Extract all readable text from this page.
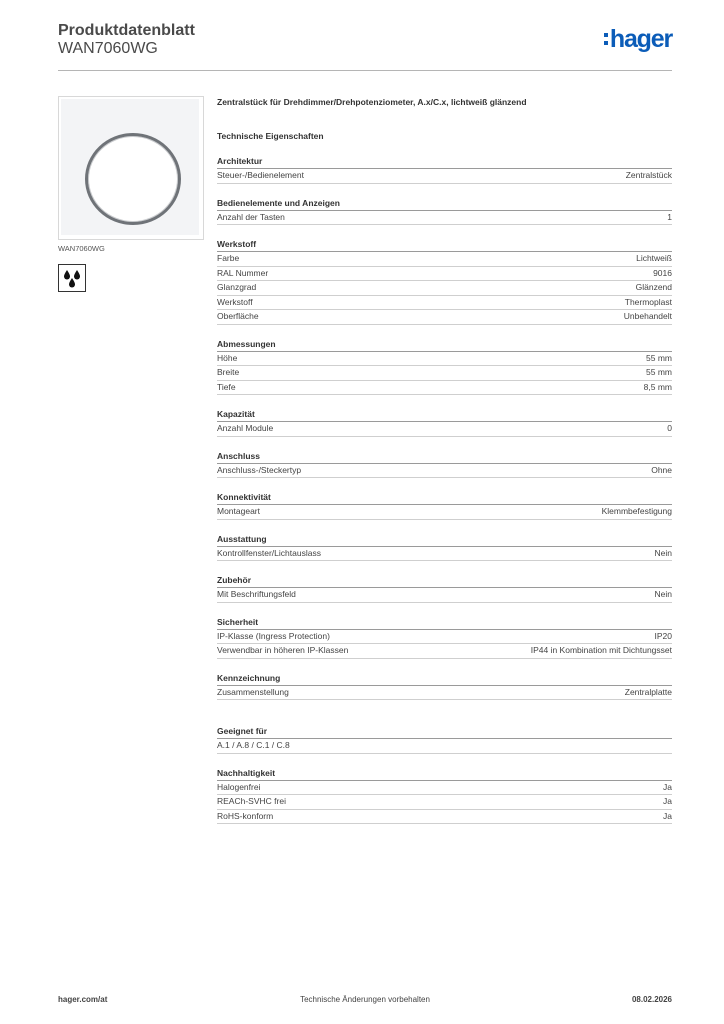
Produktdatenblatt
WAN7060WG	hager
WAN7060WG

Zentralstück für Drehdimmer/Drehpotenziometer, A.x/C.x, lichtweiß glänzend

Technische Eigenschaften
Architektur
Steuer-/Bedienelement	Zentralstück
Bedienelemente und Anzeigen
Anzahl der Tasten	1
Werkstoff
Farbe	Lichtweiß
RAL Nummer	9016
Glanzgrad	Glänzend
Werkstoff	Thermoplast
Oberfläche	Unbehandelt
Abmessungen
Höhe	55 mm
Breite	55 mm
Tiefe	8,5 mm
Kapazität
Anzahl Module	0
Anschluss
Anschluss-/Steckertyp	Ohne
Konnektivität
Montageart	Klemmbefestigung
Ausstattung
Kontrollfenster/Lichtauslass	Nein
Zubehör
Mit Beschriftungsfeld	Nein
Sicherheit
IP-Klasse (Ingress Protection)	IP20
Verwendbar in höheren IP-Klassen	IP44 in Kombination mit Dichtungsset
Kennzeichnung
Zusammenstellung	Zentralplatte
Geeignet für
A.1 / A.8 / C.1 / C.8
Nachhaltigkeit
Halogenfrei	Ja
REACh-SVHC frei	Ja
RoHS-konform	Ja
hager.com/at	Technische Änderungen vorbehalten	08.02.2026
